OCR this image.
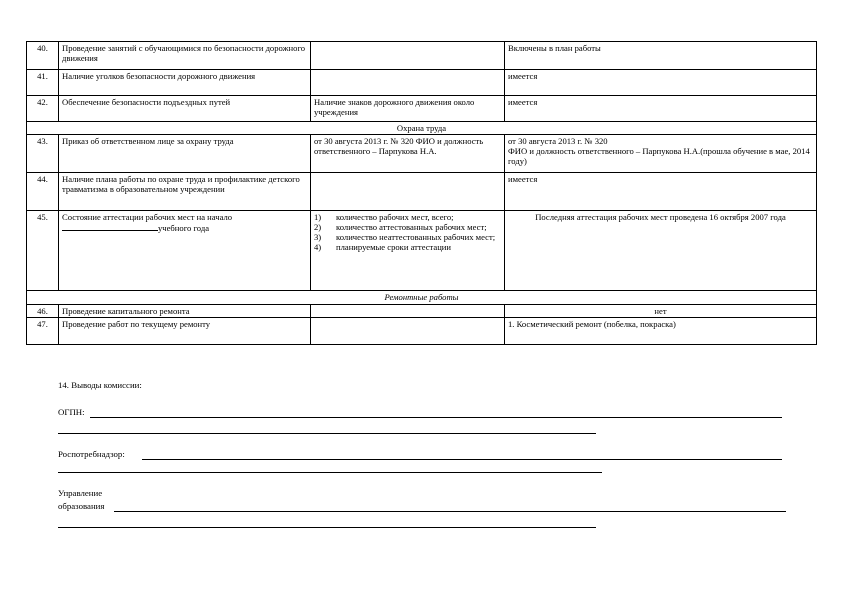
40.	Проведение занятий с обучающимися по безопасности дорожного движения		Включены в план работы
41.	Наличие уголков безопасности дорожного движения		имеется
42.	Обеспечение безопасности подъездных путей	Наличие знаков дорожного движения около учреждения	имеется
Охрана труда			
43.	Приказ об ответственном лице за охрану труда	от 30 августа 2013 г. № 320 ФИО и должность ответственного – Парпукова Н.А.	от 30 августа 2013 г. № 320
ФИО и должность ответственного – Парпукова Н.А.(прошла обучение в мае, 2014 году)

44.	Наличие плана работы по охране труда и профилактике детского травматизма в образовательном учреждении		имеется
45.	Состояние аттестации рабочих мест на начало
учебного года	1) количество рабочих мест, всего;
2) количество аттестованных рабочих мест;
3) количество неаттестованных рабочих мест;
4) планируемые сроки аттестации	Последняя аттестация рабочих мест проведена 16 октября 2007 года
Ремонтные работы			
46.	Проведение капитального ремонта		нет
47.	Проведение работ по текущему ремонту		1. Косметический ремонт (побелка, покраска)
14. Выводы комиссии:
ОГПН:
Роспотребнадзор:
Управление
образования
